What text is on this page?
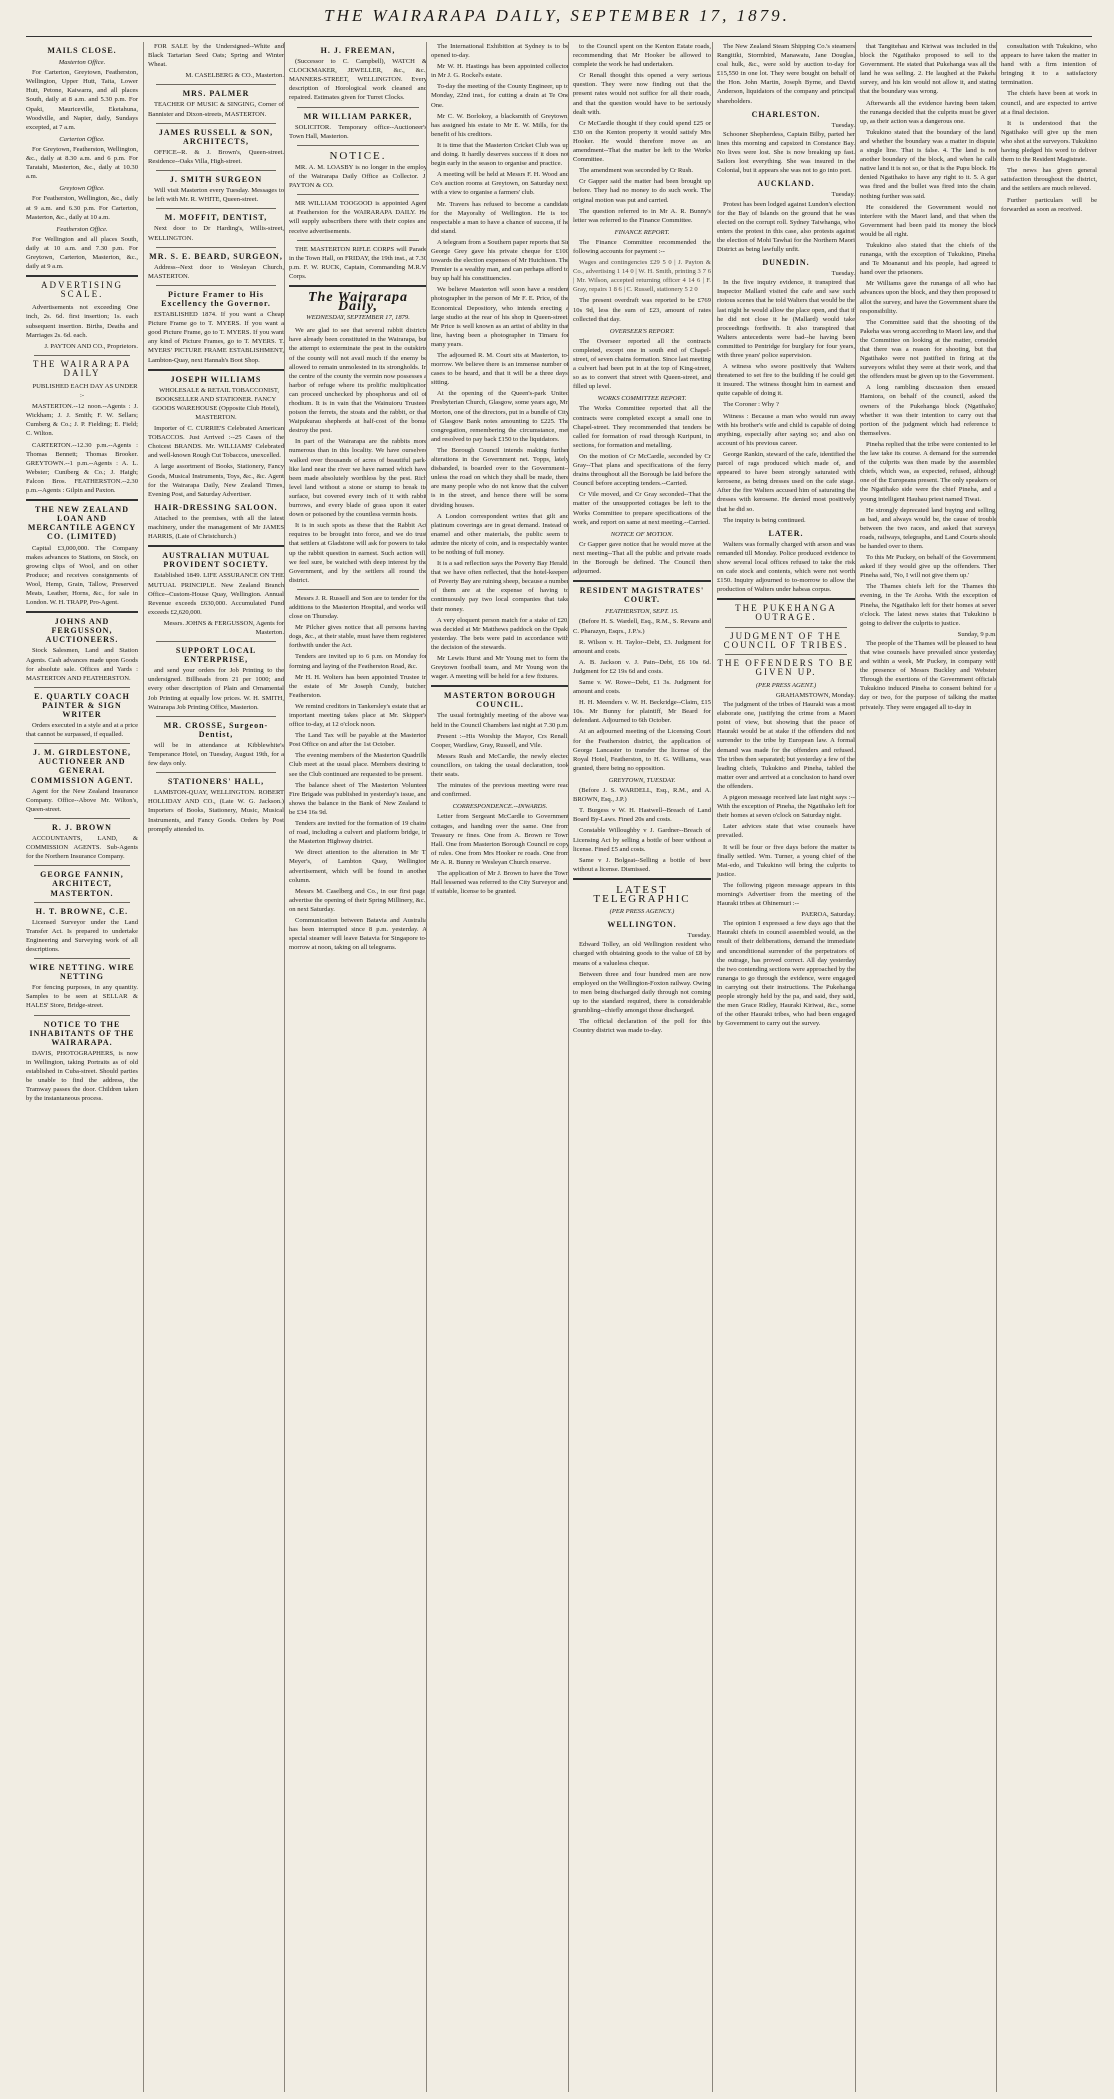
THE WAIRARAPA DAILY, SEPTEMBER 17, 1879.
MAILS CLOSE.
Masterton Office.

For Carterton, Greytown, Featherston, Wellington, Upper Hutt, Taita, Lower Hutt, Petone, Kaiwarra, and all places South, daily at 8 a.m. and 5.30 p.m. For Opaki, Mauriceville, Eketahuna, Woodville, and Napier, daily, Sundays excepted, at 7 a.m.

Carterton Office.

For Greytown, Featherston, Wellington, &c., daily at 8.30 a.m. and 6 p.m. For Taratahi, Masterton, &c., daily at 10.30 a.m.

Greytown Office.

For Featherston, Wellington, &c., daily at 9 a.m. and 6.30 p.m. For Carterton, Masterton, &c., daily at 10 a.m.

Featherston Office.

For Wellington and all places South, daily at 10 a.m. and 7.30 p.m. For Greytown, Carterton, Masterton, &c., daily at 9 a.m.

ADVERTISING SCALE.

Advertisements not exceeding One inch, 2s. 6d. first insertion; 1s. each subsequent insertion. Births, Deaths and Marriages 2s. 6d. each.

J. PAYTON AND CO., Proprietors.

THE WAIRARAPA DAILY

PUBLISHED EACH DAY AS UNDER :-

MASTERTON.--12 noon.--Agents : J. Wickham; J. J. Smith; F. W. Sellars; Cumberg & Co.; J. P. Fielding; E. Field; C. Wilton.

CARTERTON.--12.30 p.m.--Agents : Thomas Bennett; Thomas Brooker. GREYTOWN.--1 p.m.--Agents : A. L. Webster; Cuniberg & Co.; J. Haigh; Falcon Bros. FEATHERSTON.--2.30 p.m.--Agents : Gilpin and Paxton.

THE NEW ZEALAND LOAN AND MERCANTILE AGENCY CO. (LIMITED)

Capital £3,000,000. The Company makes advances to Stations, on Stock, on growing clips of Wool, and on other Produce; and receives consignments of Wool, Hemp, Grain, Tallow, Preserved Meats, Leather, Horns, &c., for sale in London. W. H. TRAPP, Pro-Agent.

JOHNS AND FERGUSSON, AUCTIONEERS.

Stock Salesmen, Land and Station Agents. Cash advances made upon Goods for absolute sale. Offices and Yards : MASTERTON AND FEATHERSTON.

E. QUARTLY COACH PAINTER & SIGN WRITER

Orders executed in a style and at a price that cannot be surpassed, if equalled.

J. M. GIRDLESTONE, AUCTIONEER AND GENERAL COMMISSION AGENT.

Agent for the New Zealand Insurance Company. Office--Above Mr. Wilton's, Queen-street.

R. J. BROWN

ACCOUNTANTS, LAND, & COMMISSION AGENTS. Sub-Agents for the Northern Insurance Company.

GEORGE FANNIN, ARCHITECT, MASTERTON.
H. T. BROWNE, C.E.

Licensed Surveyor under the Land Transfer Act. Is prepared to undertake Engineering and Surveying work of all descriptions.

WIRE NETTING. WIRE NETTING

For fencing purposes, in any quantity. Samples to be seen at SELLAR & HALES' Store, Bridge-street.

NOTICE TO THE INHABITANTS OF THE WAIRARAPA.

DAVIS, PHOTOGRAPHERS, is now in Wellington, taking Portraits as of old established in Cuba-street. Should parties be unable to find the address, the Tramway passes the door. Children taken by the instantaneous process.

FOR SALE by the Undersigned--White and Black Tartarian Seed Oats; Spring and Winter Wheat.

M. CASELBERG & CO., Masterton.

MRS. PALMER

TEACHER OF MUSIC & SINGING, Corner of Bannister and Dixon-streets, MASTERTON.

JAMES RUSSELL & SON, ARCHITECTS,

OFFICE--R. & J. Brown's, Queen-street. Residence--Oaks Villa, High-street.

J. SMITH SURGEON

Will visit Masterton every Tuesday. Messages to be left with Mr. R. WHITE, Queen-street.

M. MOFFIT, DENTIST,

Next door to Dr Harding's, Willis-street, WELLINGTON.

MR. S. E. BEARD, SURGEON,

Address--Next door to Wesleyan Church, MASTERTON.

Picture Framer to His Excellency the Governor.

ESTABLISHED 1874. If you want a Cheap Picture Frame go to T. MYERS. If you want a good Picture Frame, go to T. MYERS. If you want any kind of Picture Frames, go to T. MYERS. T. MYERS' PICTURE FRAME ESTABLISHMENT, Lambton-Quay, next Hannah's Boot Shop.

JOSEPH WILLIAMS

WHOLESALE & RETAIL TOBACCONIST, BOOKSELLER AND STATIONER. FANCY GOODS WAREHOUSE (Opposite Club Hotel), MASTERTON.

Importer of C. CURRIE'S Celebrated American TOBACCOS. Just Arrived :--25 Cases of the Choicest BRANDS. Mr. WILLIAMS' Celebrated and well-known Rough Cut Tobaccos, unexcelled.

A large assortment of Books, Stationery, Fancy Goods, Musical Instruments, Toys, &c., &c. Agent for the Wairarapa Daily, New Zealand Times, Evening Post, and Saturday Advertiser.

HAIR-DRESSING SALOON.

Attached to the premises, with all the latest machinery, under the management of Mr JAMES HARRIS, (Late of Christchurch.)

AUSTRALIAN MUTUAL PROVIDENT SOCIETY.

Established 1849. LIFE ASSURANCE ON THE MUTUAL PRINCIPLE. New Zealand Branch Office--Custom-House Quay, Wellington. Annual Revenue exceeds £630,000. Accumulated Fund exceeds £2,620,000.

Messrs. JOHNS & FERGUSSON, Agents for Masterton.

SUPPORT LOCAL ENTERPRISE,

and send your orders for Job Printing to the undersigned. Billheads from 21 per 1000; and every other description of Plain and Ornamental Job Printing at equally low prices. W. H. SMITH, Wairarapa Job Printing Office, Masterton.

MR. CROSSE, Surgeon-Dentist,

will be in attendance at Kibblewhite's Temperance Hotel, on Tuesday, August 19th, for a few days only.

STATIONERS' HALL,

LAMBTON-QUAY, WELLINGTON. ROBERT HOLLIDAY AND CO., (Late W. G. Jackson.) Importers of Books, Stationery, Music, Musical Instruments, and Fancy Goods. Orders by Post promptly attended to.

H. J. FREEMAN,

(Successor to C. Campbell), WATCH & CLOCKMAKER, JEWELLER, &c., &c., MANNERS-STREET, WELLINGTON. Every description of Horological work cleaned and repaired. Estimates given for Turret Clocks.

MR WILLIAM PARKER,

SOLICITOR. Temporary office--Auctioneer's Town Hall, Masterton.

NOTICE.

MR. A. M. LOASBY is no longer in the employ of the Wairarapa Daily Office as Collector. J. PAYTON & CO.

MR WILLIAM TOOGOOD is appointed Agent at Featherston for the WAIRARAPA DAILY. He will supply subscribers there with their copies and receive advertisements.

THE MASTERTON RIFLE CORPS will Parade in the Town Hall, on FRIDAY, the 19th inst., at 7.30 p.m. F. W. RUCK, Captain, Commanding M.R.V. Corps.

The Wairarapa Daily,
WEDNESDAY, SEPTEMBER 17, 1879.

We are glad to see that several rabbit districts have already been constituted in the Wairarapa, but the attempt to exterminate the pest in the outskirts of the county will not avail much if the enemy be allowed to remain unmolested in its strongholds. In the centre of the county the vermin now possesses a harbor of refuge where its prolific multiplication can proceed unchecked by phosphorus and oil of rhodium. It is in vain that the Wainuioru Trustees poison the ferrets, the stoats and the rabbit, or that Waipukurau shepherds at half-cost of the bonus destroy the pest.

In part of the Wairarapa are the rabbits more numerous than in this locality. We have ourselves walked over thousands of acres of beautiful park-like land near the river we have named which have been made absolutely worthless by the pest. Rich level land without a stone or stump to break its surface, but covered every inch of it with rabbit burrows, and every blade of grass upon it eaten down or poisoned by the countless vermin hosts.

It is in such spots as these that the Rabbit Act requires to be brought into force, and we do trust that settlers at Gladstone will ask for powers to take up the rabbit question in earnest. Such action will, we feel sure, be watched with deep interest by the Government, and by the settlers all round the district.

Messrs J. R. Russell and Son are to tender for the additions to the Masterton Hospital, and works will close on Thursday.

Mr Pilcher gives notice that all persons having dogs, &c., at their stable, must have them registered forthwith under the Act.

Tenders are invited up to 6 p.m. on Monday for forming and laying of the Featherston Road, &c.

Mr H. H. Wolters has been appointed Trustee in the estate of Mr Joseph Cundy, butcher, Featherston.

We remind creditors in Tankersley's estate that an important meeting takes place at Mr. Skipper's office to-day, at 12 o'clock noon.

The Land Tax will be payable at the Masterton Post Office on and after the 1st October.

The evening members of the Masterton Quadrille Club meet at the usual place. Members desiring to see the Club continued are requested to be present.

The balance sheet of The Masterton Volunteer Fire Brigade was published in yesterday's issue, and shows the balance in the Bank of New Zealand to be £34 16s 9d.

Tenders are invited for the formation of 19 chains of road, including a culvert and platform bridge, in the Masterton Highway district.

We direct attention to the alteration in Mr T. Meyer's, of Lambton Quay, Wellington advertisement, which will be found in another column.

Messrs M. Caselberg and Co., in our first page, advertise the opening of their Spring Millinery, &c., on next Saturday.

Communication between Batavia and Australia has been interrupted since 8 p.m. yesterday. A special steamer will leave Batavia for Singapore to-morrow at noon, taking on all telegrams.

The International Exhibition at Sydney is to be opened to-day.

Mr W. H. Hastings has been appointed collector in Mr J. G. Rockel's estate.

To-day the meeting of the County Engineer, up to Monday, 22nd inst., for cutting a drain at Te One One.

Mr C. W. Borlokoy, a blacksmith of Greytown, has assigned his estate to Mr E. W. Mills, for the benefit of his creditors.

It is time that the Masterton Cricket Club was up and doing. It hardly deserves success if it does not begin early in the season to organise and practice.

A meeting will be held at Messrs F. H. Wood and Co's auction rooms at Greytown, on Saturday next, with a view to organise a farmers' club.

Mr. Travers has refused to become a candidate for the Mayoralty of Wellington. He is too respectable a man to have a chance of success, if he did stand.

A telegram from a Southern paper reports that Sir George Grey gave his private cheque for £100 towards the election expenses of Mr Hutchison. The Premier is a wealthy man, and can perhaps afford to buy up half his constituencies.

We believe Masterton will soon have a resident photographer in the person of Mr F. E. Price, of the Economical Depository, who intends erecting a large studio at the rear of his shop in Queen-street. Mr Price is well known as an artist of ability in that line, having been a photographer in Timaru for many years.

The adjourned R. M. Court sits at Masterton, to-morrow. We believe there is an immense number of cases to be heard, and that it will be a three days' sitting.

At the opening of the Queen's-park United Presbyterian Church, Glasgow, some years ago, Mr. Morton, one of the directors, put in a bundle of City of Glasgow Bank notes amounting to £225. The congregation, remembering the circumstance, met and resolved to pay back £150 to the liquidators.

The Borough Council intends making further alterations in the Government net. Topps, lately disbanded, is boarded over to the Government--unless the road on which they shall be made, there are many people who do not know that the culvert is in the street, and hence there will be some dividing houses.

A London correspondent writes that gilt and platinum coverings are in great demand. Instead of enamel and other materials, the public seem to admire the nicety of coin, and is respectably wanted to be nothing of full money.

It is a sad reflection says the Poverty Bay Herald, that we have often reflected, that the hotel-keepers of Poverty Bay are ruining sheep, because a number of them are at the expense of having to continuously pay two local companies that take their money.

A very eloquent person match for a stake of £20, was decided at Mr Matthews paddock on the Opaki yesterday. The bets were paid in accordance with the decision of the stewards.

Mr Lewis Hurst and Mr Young met to form the Greytown football team, and Mr Young won the wager. A meeting will be held for a few fixtures.

MASTERTON BOROUGH COUNCIL.

The usual fortnightly meeting of the above was held in the Council Chambers last night at 7.30 p.m.

Present :--His Worship the Mayor, Crs Renall, Cooper, Wardlaw, Gray, Russell, and Vile.

Messrs Rush and McCardle, the newly elected councillors, on taking the usual declaration, took their seats.

The minutes of the previous meeting were read and confirmed.

CORRESPONDENCE.--INWARDS.

Letter from Sergeant McCardle to Government cottages, and handing over the same. One from Treasury re fines. One from A. Brown re Town Hall. One from Masterton Borough Council re copy of rules. One from Mrs Hooker re roads. One from Mr A. R. Bunny re Wesleyan Church reserve.

The application of Mr J. Brown to have the Town Hall lessened was referred to the City Surveyor and, if suitable, license to be granted.

to the Council spent on the Kenton Estate roads, recommending that Mr Hooker be allowed to complete the work he had undertaken.

Cr Renall thought this opened a very serious question. They were now finding out that the present rates would not suffice for all their roads, and that the question would have to be seriously dealt with.

Cr McCardle thought if they could spend £25 or £30 on the Kenton property it would satisfy Mrs Hooker. He would therefore move as an amendment--That the matter be left to the Works Committee.

The amendment was seconded by Cr Rush.

Cr Gapper said the matter had been brought up before. They had no money to do such work. The original motion was put and carried.

The question referred to in Mr A. R. Bunny's letter was referred to the Finance Committee.

FINANCE REPORT.

The Finance Committee recommended the following accounts for payment :--

Wages and contingencies £29 5 0 | J. Payton & Co., advertising 1 14 0 | W. H. Smith, printing 3 7 6 | Mr. Wilson, accepted returning officer 4 14 6 | F. Gray, repairs 1 8 6 | C. Russell, stationery 5 2 0

The present overdraft was reported to be £769 10s 9d, less the sum of £23, amount of rates collected that day.

OVERSEER'S REPORT.

The Overseer reported all the contracts completed, except one in south end of Chapel-street, of seven chains formation. Since last meeting a culvert had been put in at the top of King-street, so as to convert that street with Queen-street, and filled up level.

WORKS COMMITTEE REPORT.

The Works Committee reported that all the contracts were completed except a small one in Chapel-street. They recommended that tenders be called for formation of road through Kuripuni, in sections, for formation and metalling.

On the motion of Cr McCardle, seconded by Cr Gray--That plans and specifications of the ferry drains throughout all the Borough be laid before the Council before accepting tenders.--Carried.

Cr Vile moved, and Cr Gray seconded--That the matter of the unsupported cottages be left to the Works Committee to prepare specifications of the work, and report on same at next meeting.--Carried.

NOTICE OF MOTION.

Cr Gapper gave notice that he would move at the next meeting--That all the public and private roads in the Borough be defined. The Council then adjourned.

RESIDENT MAGISTRATES' COURT.
FEATHERSTON, SEPT. 15.

(Before H. S. Wardell, Esq., R.M., S. Revans and C. Pharazyn, Esqrs., J.P.'s.)

R. Wilson v. H. Taylor--Debt, £3. Judgment for amount and costs.

A. B. Jackson v. J. Pain--Debt, £6 10s 6d. Judgment for £2 19s 6d and costs.

Same v. W. Rowe--Debt, £1 3s. Judgment for amount and costs.

H. H. Meenders v. W. H. Beckridge--Claim, £15 10s. Mr Bunny for plaintiff, Mr Beard for defendant. Adjourned to 6th October.

At an adjourned meeting of the Licensing Court for the Featherston district, the application of George Lancaster to transfer the license of the Royal Hotel, Featherston, to H. G. Williams, was granted, there being no opposition.

GREYTOWN, TUESDAY.

(Before J. S. WARDELL, Esq., R.M., and A. BROWN, Esq., J.P.)

T. Burgess v W. H. Hastwell--Breach of Land Board By-Laws. Fined 20s and costs.

Constable Willoughby v J. Gardner--Breach of Licensing Act by selling a bottle of beer without a license. Fined £5 and costs.

Same v J. Bolgeat--Selling a bottle of beer without a license. Dismissed.

LATEST TELEGRAPHIC
(PER PRESS AGENCY.)
WELLINGTON.
Tuesday.

Edward Tolley, an old Wellington resident who charged with obtaining goods to the value of £8 by means of a valueless cheque.

Between three and four hundred men are now employed on the Wellington-Foxton railway. Owing to men being discharged daily through not coming up to the standard required, there is considerable grumbling--chiefly amongst those discharged.

The official declaration of the poll for this Country district was made to-day.

The New Zealand Steam Shipping Co.'s steamers Rangitiki, Stormbird, Manawatu, Jane Douglas, coal hulk, &c., were sold by auction to-day for £15,550 in one lot. They were bought on behalf of the Hon. John Martin, Joseph Byrne, and David Anderson, liquidators of the company and principal shareholders.

CHARLESTON.
Tuesday.

Schooner Shepherdess, Captain Bilby, parted her lines this morning and capsized in Constance Bay. No lives were lost. She is now breaking up fast. Sailors lost everything. She was insured in the Colonial, but it appears she was not to go into port.

AUCKLAND.
Tuesday.

Protest has been lodged against Lundon's election for the Bay of Islands on the ground that he was elected on the corrupt roll. Sydney Taiwhanga, who enters the protest in this case, also protests against the election of Mohi Tawhai for the Northern Maori District as being lawfully unfit.

DUNEDIN.
Tuesday.

In the five inquiry evidence, it transpired that Inspector Mallard visited the cafe and saw such riotous scenes that he told Walters that would be the last night he would allow the place open, and that if he did not close it he (Mallard) would take proceedings forthwith. It also transpired that Walters antecedents were bad--he having been committed to Pentridge for burglary for four years, with three years' police supervision.

A witness who swore positively that Walters threatened to set fire to the building if he could get it insured. The witness thought him in earnest and quite capable of doing it.

The Coroner : Why ?

Witness : Because a man who would run away with his brother's wife and child is capable of doing anything, especially after saying so; and also on account of his previous career.

George Rankin, steward of the cafe, identified the parcel of rags produced which made of, and appeared to have been strongly saturated with kerosene, as being dresses used on the cafe stage. After the fire Walters accused him of saturating the dresses with kerosene. He denied most positively that he did so.

The inquiry is being continued.

LATER.

Walters was formally charged with arson and was remanded till Monday. Police produced evidence to show several local offices refused to take the risk on cafe stock and contents, which were not worth £150. Inquiry adjourned to to-morrow to allow the production of Walters under habeas corpus.

THE PUKEHANGA OUTRAGE.
JUDGMENT OF THE COUNCIL OF TRIBES.
THE OFFENDERS TO BE GIVEN UP.
(PER PRESS AGENT.)
GRAHAMSTOWN, Monday.

The judgment of the tribes of Hauraki was a most elaborate one, justifying the crime from a Maori point of view, but showing that the peace of Hauraki would be at stake if the offenders did not surrender to the tribe by European law. A formal demand was made for the offenders and refused. The tribes then separated; but yesterday a few of the leading chiefs, Tukukino and Pineha, tabled the matter over and arrived at a conclusion to hand over the offenders.

A pigeon message received late last night says :--With the exception of Pineha, the Ngatihako left for their homes at seven o'clock on Saturday night.

Later advices state that wise counsels have prevailed.

It will be four or five days before the matter is finally settled. Wm. Turner, a young chief of the Mai-edo, and Tukukino will bring the culprits to justice.

The following pigeon message appears in this morning's Advertiser from the meeting of the Hauraki tribes at Ohinemuri :--

PAEROA, Saturday.

The opinion I expressed a few days ago that the Hauraki chiefs in council assembled would, as the result of their deliberations, demand the immediate and unconditional surrender of the perpetrators of the outrage, has proved correct. All day yesterday the two contending sections were approached by the runanga to go through the evidence, were engaged in carrying out their instructions. The Pukehanga people strongly held by the pa, and said, they said, the men Grace Ridley, Hauraki Kiriwai, &c., some of the other Hauraki tribes, who had been engaged by Government to carry out the survey.

that Tangitehau and Kiriwai was included in the block the Ngatihako proposed to sell to the Government. He stated that Pukehanga was all the land he was selling. 2. He laughed at the Pakeha survey, and his kin would not allow it, and stating that the boundary was wrong.

Afterwards all the evidence having been taken, the runanga decided that the culprits must be given up, as their action was a dangerous one.

Tukukino stated that the boundary of the land, and whether the boundary was a matter in dispute, a single line. That is false. 4. The land is not another boundary of the block, and when he calls native land it is not so, or that is the Pupu block. He denied Ngatihako to have any right to it. 5. A gun was fired and the bullet was fired into the chain, nothing further was said.

He considered the Government would not interfere with the Maori land, and that when the Government had been paid its money the block would be all right.

Tukukino also stated that the chiefs of the runanga, with the exception of Tukukino, Pineha, and Te Moananui and his people, had agreed to hand over the prisoners.

Mr Williams gave the runanga of all who had advances upon the block, and they then proposed to allot the survey, and have the Government share the responsibility.

The Committee said that the shooting of the Pakeha was wrong according to Maori law, and that the Committee on looking at the matter, consider that there was a reason for shooting, but that Ngatihako were not justified in firing at the surveyors whilst they were at their work, and that the offenders must be given up to the Government.

A long rambling discussion then ensued. Hamiora, on behalf of the council, asked the owners of the Pukehanga block (Ngatihako) whether it was their intention to carry out that portion of the judgment which had reference to themselves.

Pineha replied that the tribe were contented to let the law take its course. A demand for the surrender of the culprits was then made by the assembled chiefs, which was, as expected, refused, although one of the Europeans present. The only speakers on the Ngatihako side were the chief Pineha, and a young intelligent Hauhau priest named Tiwai.

He strongly deprecated land buying and selling, as bad, and always would be, the cause of trouble between the two races, and asked that surveys, roads, railways, telegraphs, and Land Courts should be handed over to them.

To this Mr Puckey, on behalf of the Government, asked if they would give up the offenders. Then Pineha said, 'No, I will not give them up.'

The Thames chiefs left for the Thames this evening, in the Te Aroha. With the exception of Pineha, the Ngatihako left for their homes at seven o'clock. The latest news states that Tukukino is going to deliver the culprits to justice.

Sunday, 9 p.m.

The people of the Thames will be pleased to hear that wise counsels have prevailed since yesterday, and within a week, Mr Puckey, in company with the presence of Messrs Buckley and Webster. Through the exertions of the Government officials Tukukino induced Pineha to consent behind for a day or two, for the purpose of talking the matter privately. They were engaged all to-day in

consultation with Tukukino, who appears to have taken the matter in hand with a firm intention of bringing it to a satisfactory termination.

The chiefs have been at work in council, and are expected to arrive at a final decision.

It is understood that the Ngatihako will give up the men who shot at the surveyors. Tukukino having pledged his word to deliver them to the Resident Magistrate.

The news has given general satisfaction throughout the district, and the settlers are much relieved.

Further particulars will be forwarded as soon as received.
